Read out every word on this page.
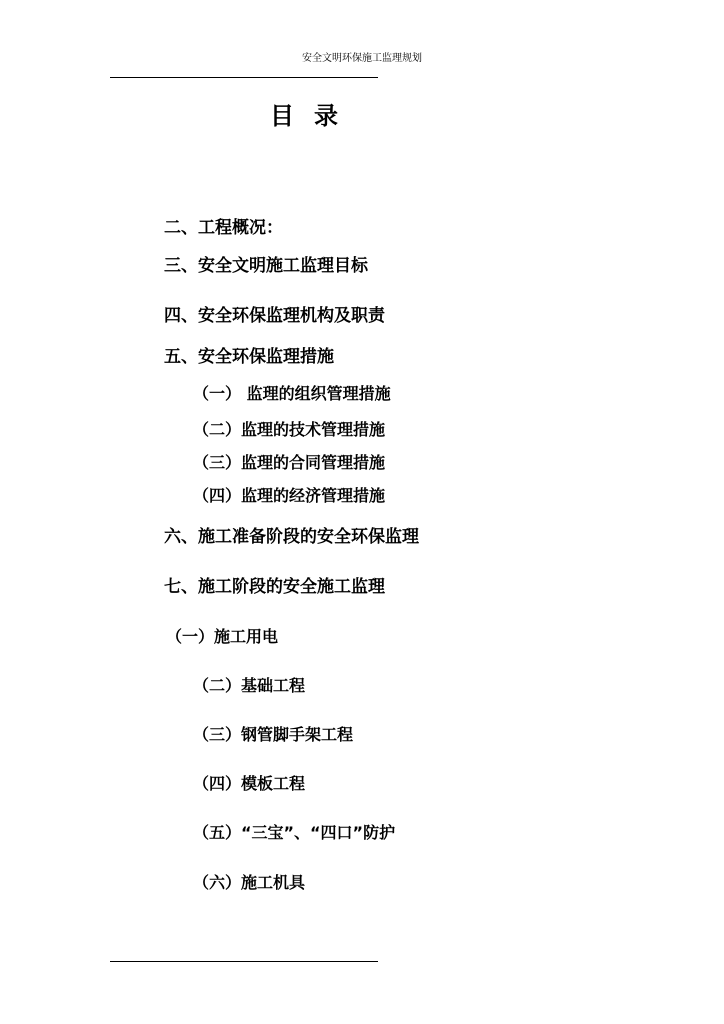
安全文明环保施工监理规划
目录
二、工程概况：
三、安全文明施工监理目标
四、安全环保监理机构及职责
五、安全环保监理措施
（一） 监理的组织管理措施
（二）监理的技术管理措施
（三）监理的合同管理措施
（四）监理的经济管理措施
六、施工准备阶段的安全环保监理
七、施工阶段的安全施工监理
（一）施工用电
（二）基础工程
（三）钢管脚手架工程
（四）模板工程
（五）“三宝”、“四口”防护
（六）施工机具
